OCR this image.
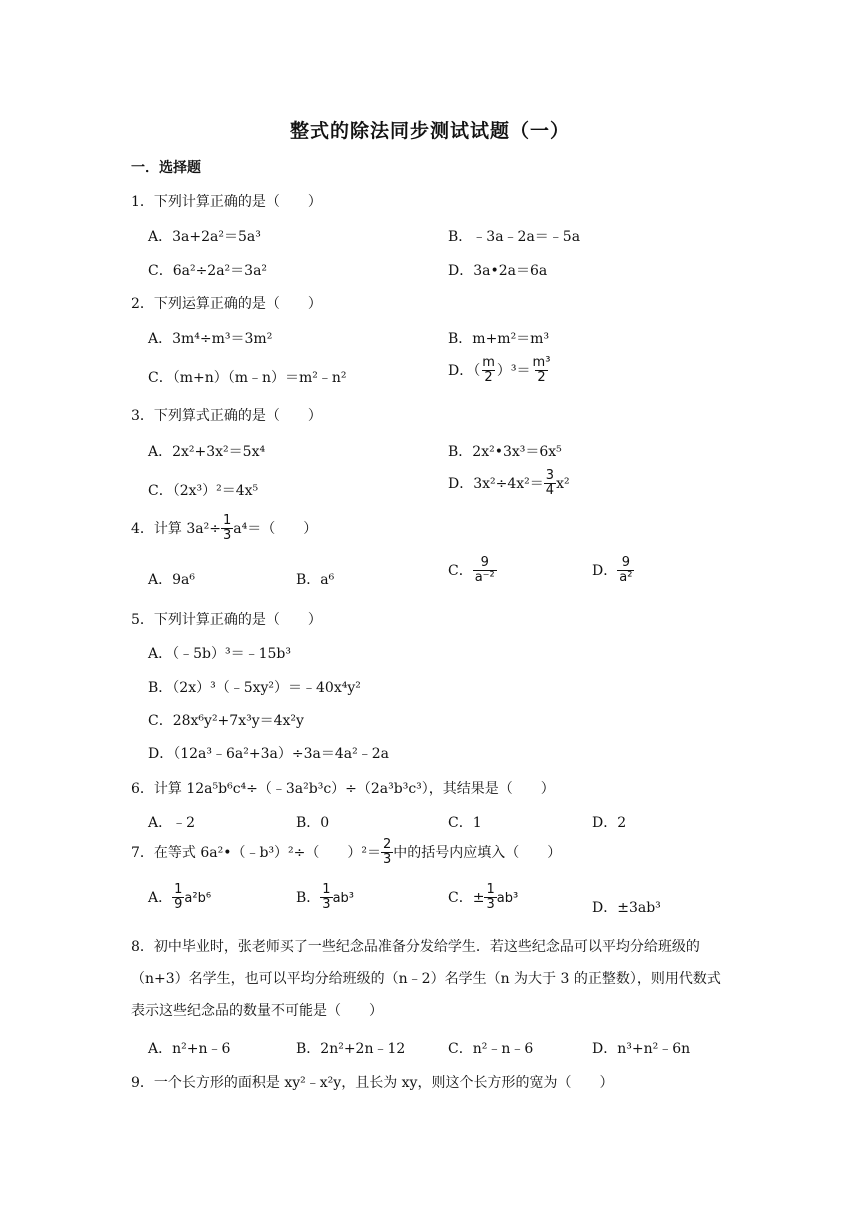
整式的除法同步测试试题（一）
一．选择题
1．下列计算正确的是（　　）
A．3a+2a²＝5a³	B．﹣3a﹣2a＝﹣5a
C．6a²÷2a²＝3a²	D．3a•2a＝6a
2．下列运算正确的是（　　）
A．3m⁴÷m³＝3m²	B．m+m²＝m³
C．（m+n）（m﹣n）＝m²﹣n²	D．（ $\frac{m}{2} )^3= \frac{\text{m³}}{2}$
3．下列算式正确的是（　　）
A．2x²+3x²＝5x⁴	B．2x²•3x³＝6x⁵
C．（2x³）²＝4x⁵	D．$3x^2\div 4x^2= \frac{3}{4} x^2$
4．计算 $3a^2\div \frac{1}{3} a^4=$（　　）
A．9a⁶	B．a⁶
C． $\frac{9}{\text{a⁻²}}$	D． $\frac{9}{\text{a²}}$
5．下列计算正确的是（　　）
A．（﹣5b）³＝﹣15b³
B．（2x）³（﹣5xy²）＝﹣40x⁴y²
C．28x⁶y²+7x³y＝4x²y
D．（12a³﹣6a²+3a）÷3a＝4a²﹣2a
6．计算 12a⁵b⁶c⁴÷（﹣3a²b³c）÷（2a³b³c³），其结果是（　　）
A．﹣2	B．0	C．1	D．2
7．在等式 6a²•（﹣b³）²÷（　　）$^2= \frac{2}{3}$ 中的括号内应填入（　　）
A． $\frac{1}{9} a^2b^6$	B． $\frac{1}{3} ab^3$	C．± $\frac{1}{3} ab^3$
D．±3ab³
8．初中毕业时，张老师买了一些纪念品准备分发给学生．若这些纪念品可以平均分给班级的（n+3）名学生，也可以平均分给班级的（n﹣2）名学生（n 为大于 3 的正整数），则用代数式表示这些纪念品的数量不可能是（　　）
A．n²+n﹣6	B．2n²+2n﹣12	C．n²﹣n﹣6	D．n³+n²﹣6n
9．一个长方形的面积是 xy²﹣x²y，且长为 xy，则这个长方形的宽为（　　）
